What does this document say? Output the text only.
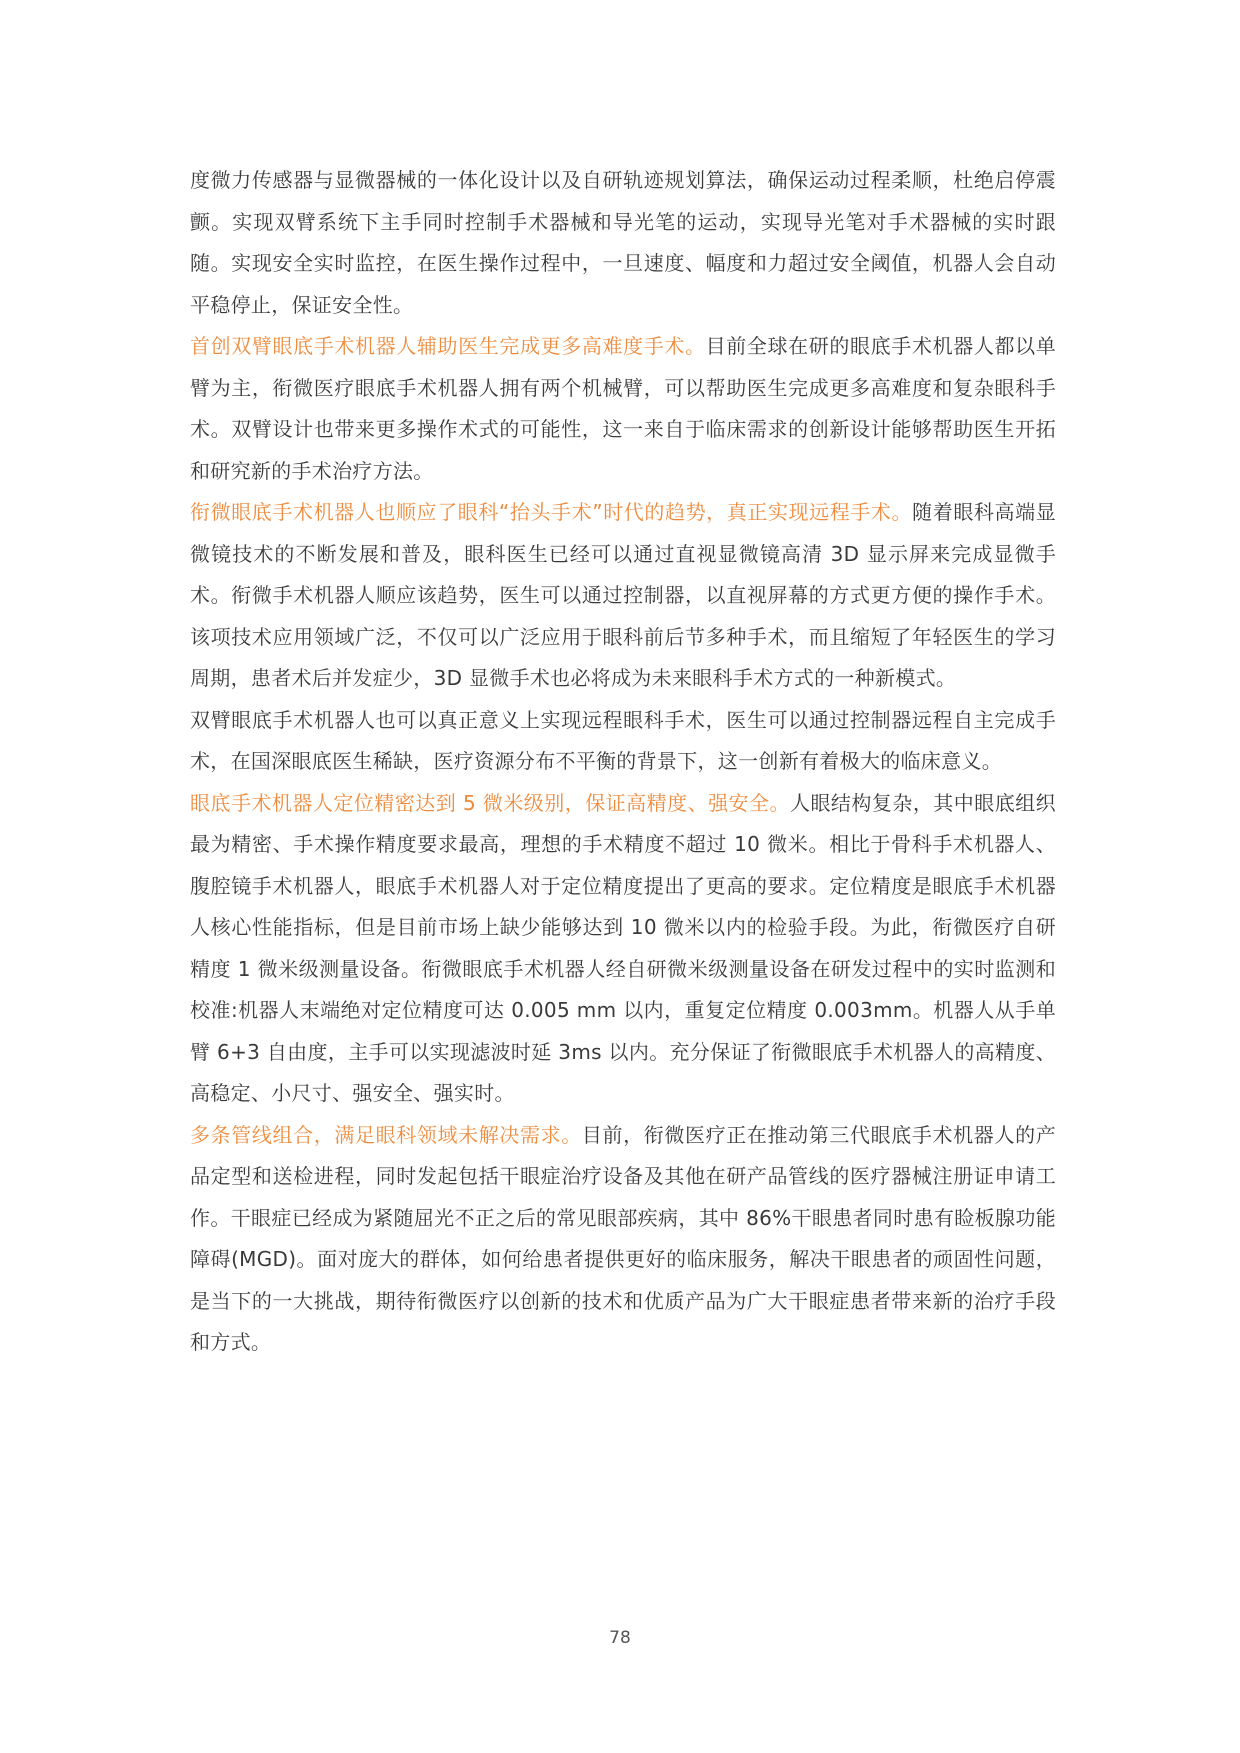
度微力传感器与显微器械的一体化设计以及自研轨迹规划算法，确保运动过程柔顺，杜绝启停震颤。实现双臂系统下主手同时控制手术器械和导光笔的运动，实现导光笔对手术器械的实时跟随。实现安全实时监控，在医生操作过程中，一旦速度、幅度和力超过安全阈值，机器人会自动平稳停止，保证安全性。

首创双臂眼底手术机器人辅助医生完成更多高难度手术。目前全球在研的眼底手术机器人都以单臂为主，衔微医疗眼底手术机器人拥有两个机械臂，可以帮助医生完成更多高难度和复杂眼科手术。双臂设计也带来更多操作术式的可能性，这一来自于临床需求的创新设计能够帮助医生开拓和研究新的手术治疗方法。

衔微眼底手术机器人也顺应了眼科“抬头手术”时代的趋势，真正实现远程手术。随着眼科高端显微镜技术的不断发展和普及，眼科医生已经可以通过直视显微镜高清 3D 显示屏来完成显微手术。衔微手术机器人顺应该趋势，医生可以通过控制器，以直视屏幕的方式更方便的操作手术。该项技术应用领域广泛，不仅可以广泛应用于眼科前后节多种手术，而且缩短了年轻医生的学习周期，患者术后并发症少，3D 显微手术也必将成为未来眼科手术方式的一种新模式。

双臂眼底手术机器人也可以真正意义上实现远程眼科手术，医生可以通过控制器远程自主完成手术，在国深眼底医生稀缺，医疗资源分布不平衡的背景下，这一创新有着极大的临床意义。

眼底手术机器人定位精密达到 5 微米级别，保证高精度、强安全。人眼结构复杂，其中眼底组织最为精密、手术操作精度要求最高，理想的手术精度不超过 10 微米。相比于骨科手术机器人、腹腔镜手术机器人，眼底手术机器人对于定位精度提出了更高的要求。定位精度是眼底手术机器人核心性能指标，但是目前市场上缺少能够达到 10 微米以内的检验手段。为此，衔微医疗自研精度 1 微米级测量设备。衔微眼底手术机器人经自研微米级测量设备在研发过程中的实时监测和校准:机器人末端绝对定位精度可达 0.005 mm 以内，重复定位精度 0.003mm。机器人从手单臂 6+3 自由度，主手可以实现滤波时延 3ms 以内。充分保证了衔微眼底手术机器人的高精度、高稳定、小尺寸、强安全、强实时。

多条管线组合，满足眼科领域未解决需求。目前，衔微医疗正在推动第三代眼底手术机器人的产品定型和送检进程，同时发起包括干眼症治疗设备及其他在研产品管线的医疗器械注册证申请工作。干眼症已经成为紧随屈光不正之后的常见眼部疾病，其中 86%干眼患者同时患有睑板腺功能障碍(MGD)。面对庞大的群体，如何给患者提供更好的临床服务，解决干眼患者的顽固性问题，是当下的一大挑战，期待衔微医疗以创新的技术和优质产品为广大干眼症患者带来新的治疗手段和方式。

78
